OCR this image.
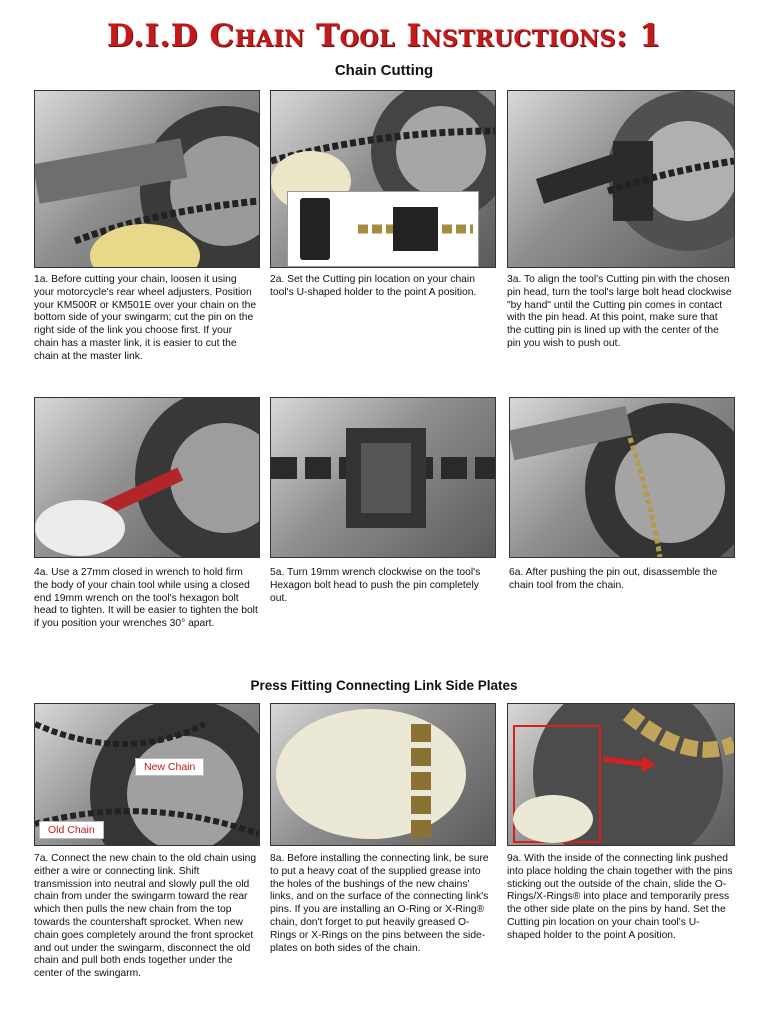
D.I.D Chain Tool Instructions: 1
Chain Cutting
1a. Before cutting your chain, loosen it using your motorcycle's rear wheel adjusters. Position your KM500R or KM501E over your chain on the bottom side of your swingarm; cut the pin on the right side of the link you choose first. If your chain has a master link, it is easier to cut the chain at the master link.
2a. Set the Cutting pin location on your chain tool's U-shaped holder to the point A position.
3a. To align the tool's Cutting pin with the chosen pin head, turn the tool's large bolt head clockwise "by hand" until the Cutting pin comes in contact with the pin head. At this point, make sure that the cutting pin is lined up with the center of the pin you wish to push out.
4a. Use a 27mm closed in wrench to hold firm the body of your chain tool while using a closed end 19mm wrench on the tool's hexagon bolt head to tighten. It will be easier to tighten the bolt if you position your wrenches 30° apart.
5a. Turn 19mm wrench clockwise on the tool's Hexagon bolt head to push the pin completely out.
6a. After pushing the pin out, disassemble the chain tool from the chain.
Press Fitting Connecting Link Side Plates
New Chain
Old Chain
7a. Connect the new chain to the old chain using either a wire or connecting link. Shift transmission into neutral and slowly pull the old chain from under the swingarm toward the rear which then pulls the new chain from the top towards the countershaft sprocket. When new chain goes completely around the front sprocket and out under the swingarm, disconnect the old chain and pull both ends together under the center of the swingarm.
8a. Before installing the connecting link, be sure to put a heavy coat of the supplied grease into the holes of the bushings of the new chains' links, and on the surface of the connecting link's pins. If you are installing an O-Ring or X-Ring® chain, don't forget to put heavily greased O-Rings or X-Rings on the pins between the side-plates on both sides of the chain.
9a. With the inside of the connecting link pushed into place holding the chain together with the pins sticking out the outside of the chain, slide the O-Rings/X-Rings® into place and temporarily press the other side plate on the pins by hand. Set the Cutting pin location on your chain tool's U-shaped holder to the point A position.
